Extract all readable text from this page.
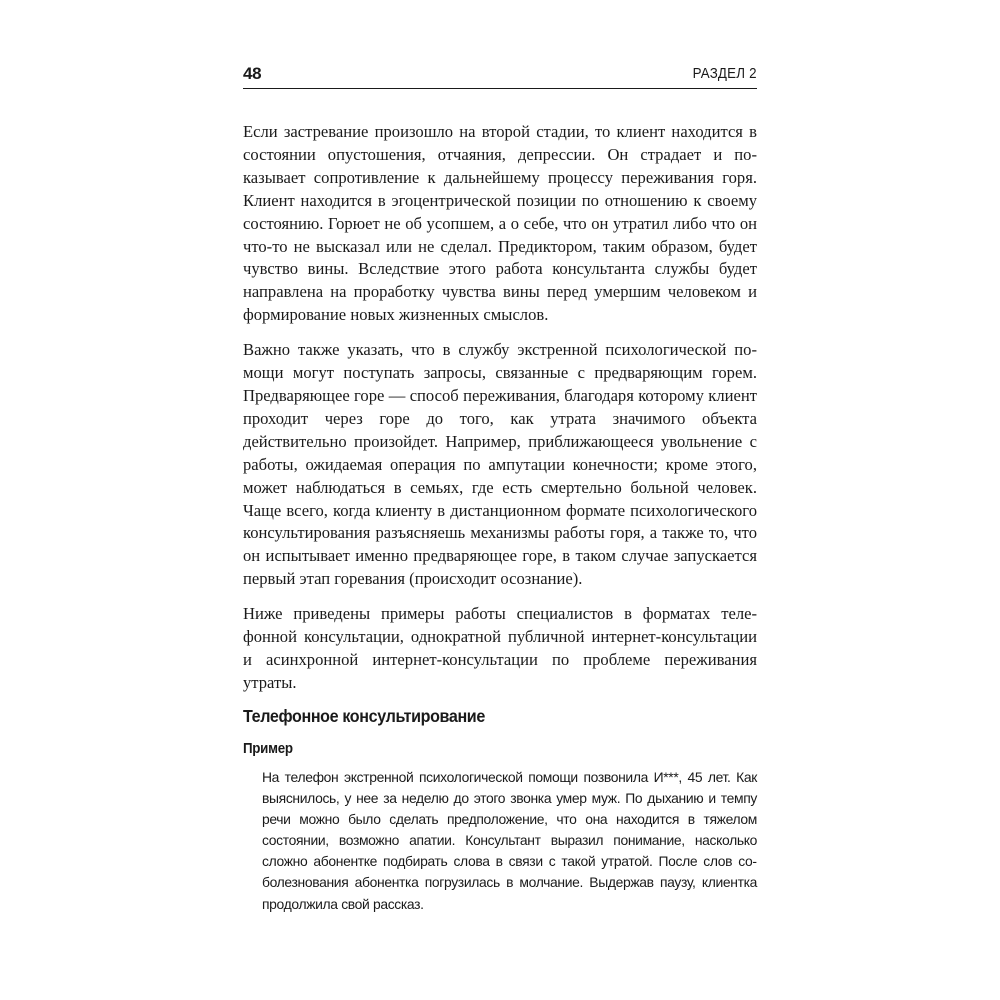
48	РАЗДЕЛ 2

Если застревание произошло на второй стадии, то клиент находится в состоянии опустошения, отчаяния, депрессии. Он страдает и показывает сопротивление к дальнейшему процессу переживания горя. Клиент находится в эгоцентрической позиции по отношению к своему состоянию. Горюет не об усопшем, а о себе, что он утратил либо что он что-то не высказал или не сделал. Предиктором, таким образом, будет чувство вины. Вследствие этого работа консультанта службы будет направлена на проработку чувства вины перед умершим человеком и формирование новых жизненных смыслов.

Важно также указать, что в службу экстренной психологической помощи могут поступать запросы, связанные с предваряющим горем. Предваряющее горе — способ переживания, благодаря которому клиент проходит через горе до того, как утрата значимого объекта действительно произойдет. Например, приближающееся увольнение с работы, ожидаемая операция по ампутации конечности; кроме этого, может наблюдаться в семьях, где есть смертельно больной человек. Чаще всего, когда клиенту в дистанционном формате психологического консультирования разъясняешь механизмы работы горя, а также то, что он испытывает именно предваряющее горе, в таком случае запускается первый этап горевания (происходит осознание).

Ниже приведены примеры работы специалистов в форматах телефонной консультации, однократной публичной интернет-консультации и асинхронной интернет-консультации по проблеме переживания утраты.

Телефонное консультирование
Пример

На телефон экстренной психологической помощи позвонила И***, 45 лет. Как выяснилось, у нее за неделю до этого звонка умер муж. По дыханию и темпу речи можно было сделать предположение, что она находится в тяжелом состоянии, возможно апатии. Консультант выразил понимание, насколько сложно абонентке подбирать слова в связи с такой утратой. После слов соболезнования абонентка погрузилась в молчание. Выдержав паузу, клиентка продолжила свой рассказ.
